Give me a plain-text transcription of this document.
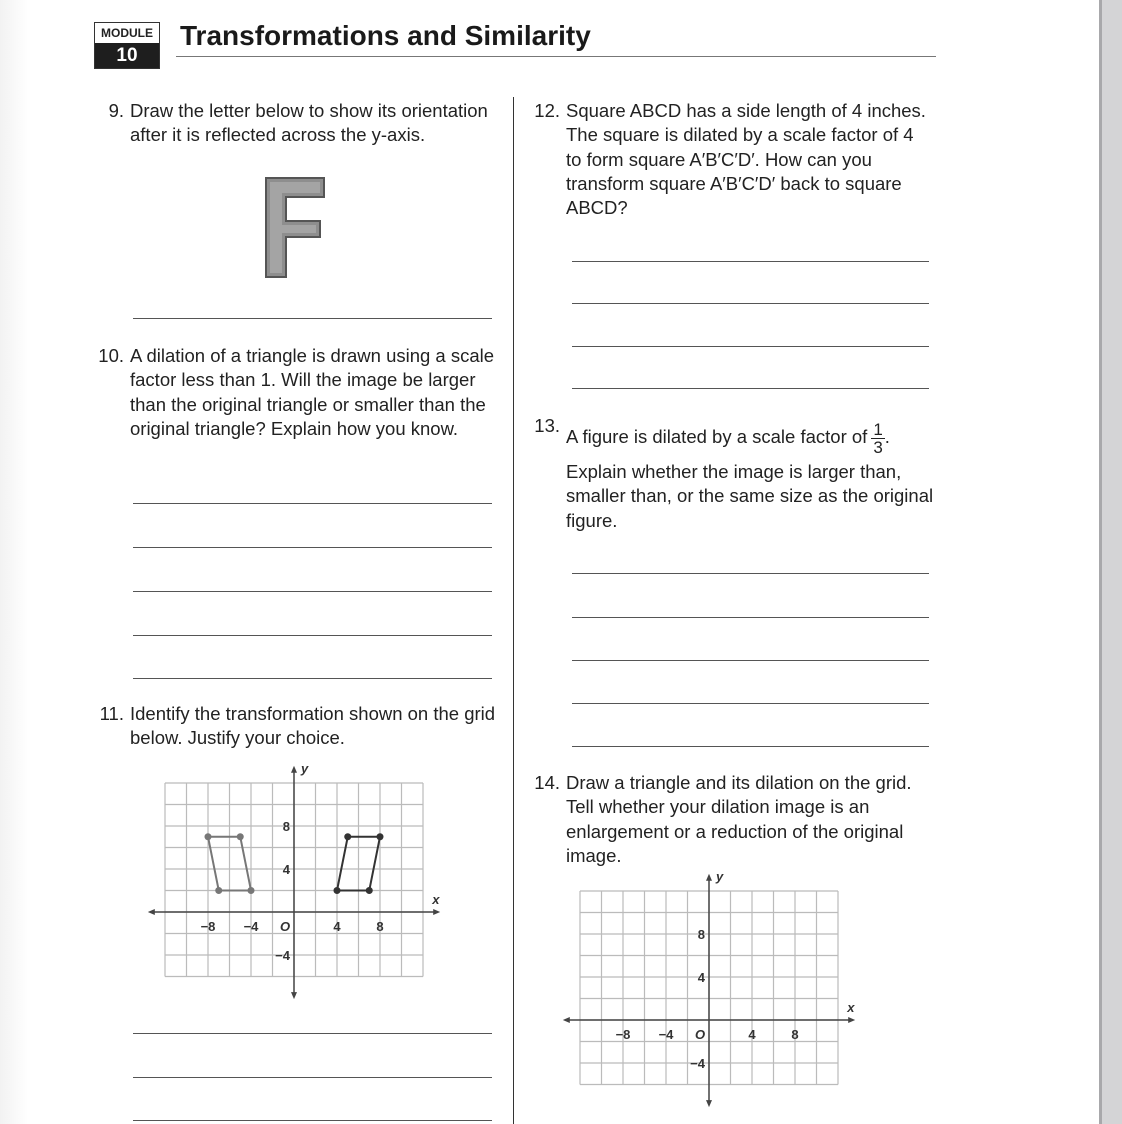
MODULE
10
Transformations and Similarity
9. Draw the letter below to show its orientation after it is reflected across the y-axis.
10. A dilation of a triangle is drawn using a scale factor less than 1. Will the image be larger than the original triangle or smaller than the original triangle? Explain how you know.
11. Identify the transformation shown on the grid below. Justify your choice.
x
y
O
−8 −4	4	8
8
4
−4
12. Square ABCD has a side length of 4 inches. The square is dilated by a scale factor of 4 to form square A′B′C′D′. How can you transform square A′B′C′D′ back to square ABCD?
13.
A figure is dilated by a scale factor of $\frac{1}{3}$ .
Explain whether the image is larger than, smaller than, or the same size as the original figure.
14. Draw a triangle and its dilation on the grid. Tell whether your dilation image is an enlargement or a reduction of the original image.
x
y
O
−8 −4	4	8
8
4
−4
